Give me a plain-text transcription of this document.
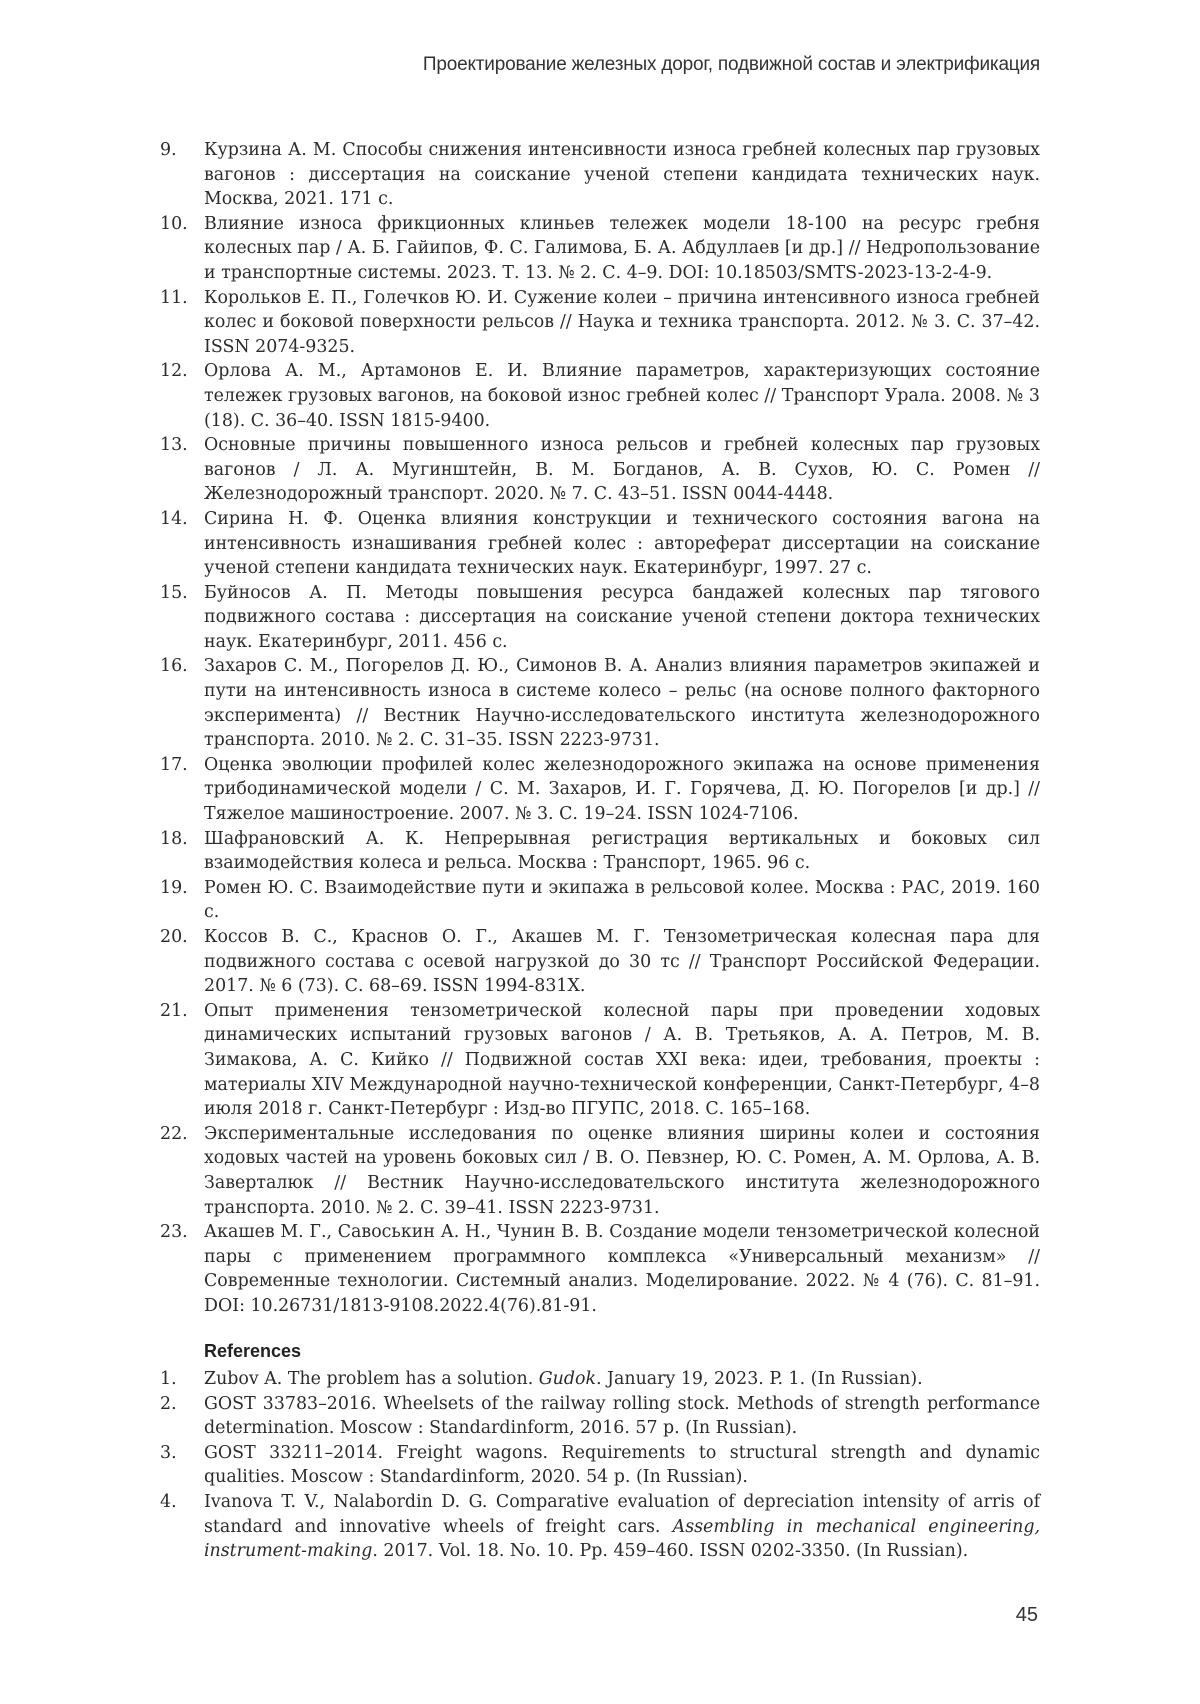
Проектирование железных дорог, подвижной состав и электрификация
9.	Курзина А. М. Способы снижения интенсивности износа гребней колесных пар грузовых вагонов : диссертация на соискание ученой степени кандидата технических наук. Москва, 2021. 171 с.
10. Влияние износа фрикционных клиньев тележек модели 18-100 на ресурс гребня колесных пар / А. Б. Гайипов, Ф. С. Галимова, Б. А. Абдуллаев [и др.] // Недропользование и транспортные системы. 2023. Т. 13. № 2. С. 4–9. DOI: 10.18503/SMTS-2023-13-2-4-9.
11. Корольков Е. П., Голечков Ю. И. Сужение колеи – причина интенсивного износа гребней колес и боковой поверхности рельсов // Наука и техника транспорта. 2012. № 3. С. 37–42. ISSN 2074-9325.
12. Орлова А. М., Артамонов Е. И. Влияние параметров, характеризующих состояние тележек грузовых вагонов, на боковой износ гребней колес // Транспорт Урала. 2008. № 3 (18). С. 36–40. ISSN 1815-9400.
13. Основные причины повышенного износа рельсов и гребней колесных пар грузовых вагонов / Л. А. Мугинштейн, В. М. Богданов, А. В. Сухов, Ю. С. Ромен // Железнодорожный транспорт. 2020. № 7. С. 43–51. ISSN 0044-4448.
14. Сирина Н. Ф. Оценка влияния конструкции и технического состояния вагона на интенсивность изнашивания гребней колес : автореферат диссертации на соискание ученой степени кандидата технических наук. Екатеринбург, 1997. 27 с.
15. Буйносов А. П. Методы повышения ресурса бандажей колесных пар тягового подвижного состава : диссертация на соискание ученой степени доктора технических наук. Екатеринбург, 2011. 456 с.
16. Захаров С. М., Погорелов Д. Ю., Симонов В. А. Анализ влияния параметров экипажей и пути на интенсивность износа в системе колесо – рельс (на основе полного факторного эксперимента) // Вестник Научно-исследовательского института железнодорожного транспорта. 2010. № 2. С. 31–35. ISSN 2223-9731.
17. Оценка эволюции профилей колес железнодорожного экипажа на основе применения трибодинамической модели / С. М. Захаров, И. Г. Горячева, Д. Ю. Погорелов [и др.] // Тяжелое машиностроение. 2007. № 3. С. 19–24. ISSN 1024-7106.
18. Шафрановский А. К. Непрерывная регистрация вертикальных и боковых сил взаимодействия колеса и рельса. Москва : Транспорт, 1965. 96 с.
19. Ромен Ю. С. Взаимодействие пути и экипажа в рельсовой колее. Москва : РАС, 2019. 160 с.
20. Коссов В. С., Краснов О. Г., Акашев М. Г. Тензометрическая колесная пара для подвижного состава с осевой нагрузкой до 30 тс // Транспорт Российской Федерации. 2017. № 6 (73). С. 68–69. ISSN 1994-831X.
21. Опыт применения тензометрической колесной пары при проведении ходовых динамических испытаний грузовых вагонов / А. В. Третьяков, А. А. Петров, М. В. Зимакова, А. С. Кийко // Подвижной состав XXI века: идеи, требования, проекты : материалы XIV Международной научно-технической конференции, Санкт-Петербург, 4–8 июля 2018 г. Санкт-Петербург : Изд-во ПГУПС, 2018. С. 165–168.
22. Экспериментальные исследования по оценке влияния ширины колеи и состояния ходовых частей на уровень боковых сил / В. О. Певзнер, Ю. С. Ромен, А. М. Орлова, А. В. Заверталюк // Вестник Научно-исследовательского института железнодорожного транспорта. 2010. № 2. С. 39–41. ISSN 2223-9731.
23. Акашев М. Г., Савоськин А. Н., Чунин В. В. Создание модели тензометрической колесной пары с применением программного комплекса «Универсальный механизм» // Современные технологии. Системный анализ. Моделирование. 2022. № 4 (76). С. 81–91. DOI: 10.26731/1813-9108.2022.4(76).81-91.
References
1.	Zubov A. The problem has a solution. Gudok. January 19, 2023. P. 1. (In Russian).
2.	GOST 33783–2016. Wheelsets of the railway rolling stock. Methods of strength performance determination. Moscow : Standardinform, 2016. 57 p. (In Russian).
3.	GOST 33211–2014. Freight wagons. Requirements to structural strength and dynamic qualities. Moscow : Standardinform, 2020. 54 p. (In Russian).
4.	Ivanova T. V., Nalabordin D. G. Comparative evaluation of depreciation intensity of arris of standard and innovative wheels of freight cars. Assembling in mechanical engineering, instrument-making. 2017. Vol. 18. No. 10. Pp. 459–460. ISSN 0202-3350. (In Russian).
45
